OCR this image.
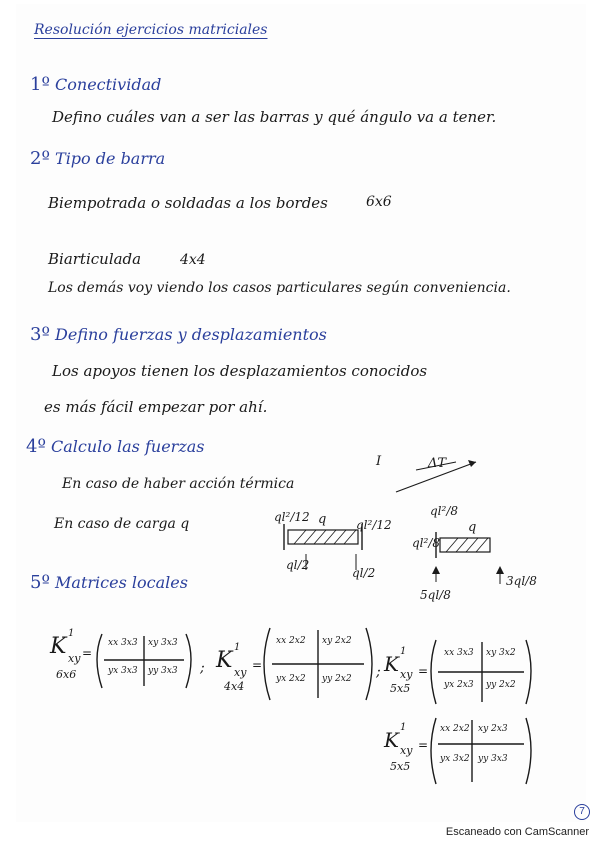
Resolución ejercicios matriciales
1º Conectividad
Defino cuáles van a ser las barras y qué ángulo va a tener.
2º Tipo de barra
Biempotrada o soldadas a los bordes	6x6
Biarticulada	4x4
Los demás voy viendo los casos particulares según conveniencia.
3º Defino fuerzas y desplazamientos
Los apoyos tienen los desplazamientos conocidos
es más fácil empezar por ahí.
4º Calculo las fuerzas
En caso de haber acción térmica
En caso de carga q
I	ΔT
q
ql²/12
ql²/12
ql/2
ql/2
ql²/8
q
ql²/8
5ql/8
3ql/8
5º Matrices locales
K
1
xy
6x6
=
xx 3x3 xy 3x3
yx 3x3 yy 3x3 ; K
1
xy
4x4
=
xx 2x2 xy 2x2
yx 2x2 yy 2x2 ; K
1
xy
5x5
=
xx 3x3 xy 3x2
yx 2x3 yy 2x2
K
1
xy
5x5
=
xx 2x2 xy 2x3
yx 3x2 yy 3x3
7
Escaneado con CamScanner
